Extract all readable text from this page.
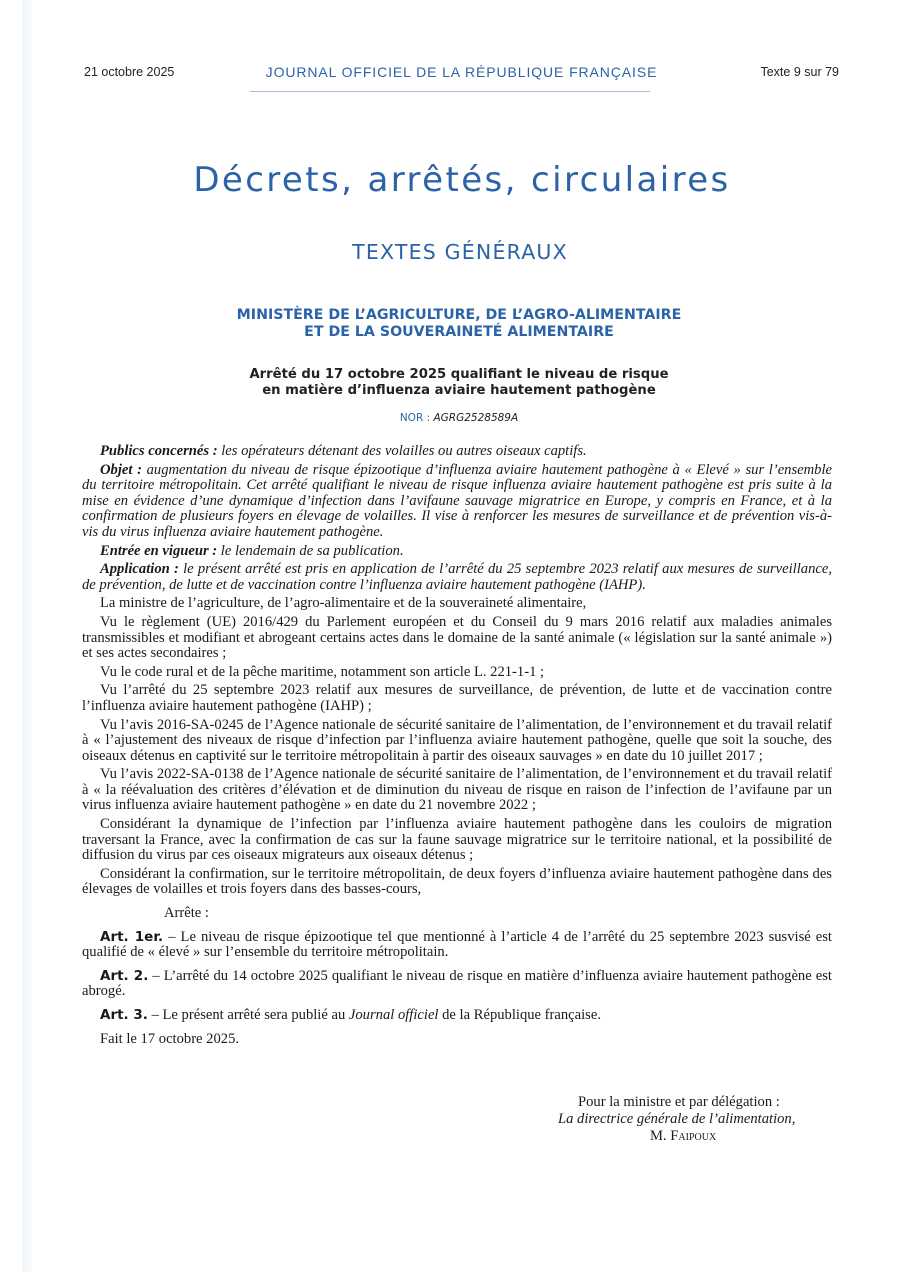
21 octobre 2025	JOURNAL OFFICIEL DE LA RÉPUBLIQUE FRANÇAISE	Texte 9 sur 79
Décrets, arrêtés, circulaires
TEXTES GÉNÉRAUX
MINISTÈRE DE L’AGRICULTURE, DE L’AGRO-ALIMENTAIRE
ET DE LA SOUVERAINETÉ ALIMENTAIRE
Arrêté du 17 octobre 2025 qualifiant le niveau de risque
en matière d’influenza aviaire hautement pathogène
NOR : AGRG2528589A

Publics concernés : les opérateurs détenant des volailles ou autres oiseaux captifs.

Objet : augmentation du niveau de risque épizootique d’influenza aviaire hautement pathogène à « Elevé » sur l’ensemble du territoire métropolitain. Cet arrêté qualifiant le niveau de risque influenza aviaire hautement pathogène est pris suite à la mise en évidence d’une dynamique d’infection dans l’avifaune sauvage migratrice en Europe, y compris en France, et à la confirmation de plusieurs foyers en élevage de volailles. Il vise à renforcer les mesures de surveillance et de prévention vis-à-vis du virus influenza aviaire hautement pathogène.

Entrée en vigueur : le lendemain de sa publication.

Application : le présent arrêté est pris en application de l’arrêté du 25 septembre 2023 relatif aux mesures de surveillance, de prévention, de lutte et de vaccination contre l’influenza aviaire hautement pathogène (IAHP).

La ministre de l’agriculture, de l’agro-alimentaire et de la souveraineté alimentaire,

Vu le règlement (UE) 2016/429 du Parlement européen et du Conseil du 9 mars 2016 relatif aux maladies animales transmissibles et modifiant et abrogeant certains actes dans le domaine de la santé animale (« législation sur la santé animale ») et ses actes secondaires ;

Vu le code rural et de la pêche maritime, notamment son article L. 221-1-1 ;

Vu l’arrêté du 25 septembre 2023 relatif aux mesures de surveillance, de prévention, de lutte et de vaccination contre l’influenza aviaire hautement pathogène (IAHP) ;

Vu l’avis 2016-SA-0245 de l’Agence nationale de sécurité sanitaire de l’alimentation, de l’environnement et du travail relatif à « l’ajustement des niveaux de risque d’infection par l’influenza aviaire hautement pathogène, quelle que soit la souche, des oiseaux détenus en captivité sur le territoire métropolitain à partir des oiseaux sauvages » en date du 10 juillet 2017 ;

Vu l’avis 2022-SA-0138 de l’Agence nationale de sécurité sanitaire de l’alimentation, de l’environnement et du travail relatif à « la réévaluation des critères d’élévation et de diminution du niveau de risque en raison de l’infection de l’avifaune par un virus influenza aviaire hautement pathogène » en date du 21 novembre 2022 ;

Considérant la dynamique de l’infection par l’influenza aviaire hautement pathogène dans les couloirs de migration traversant la France, avec la confirmation de cas sur la faune sauvage migratrice sur le territoire national, et la possibilité de diffusion du virus par ces oiseaux migrateurs aux oiseaux détenus ;

Considérant la confirmation, sur le territoire métropolitain, de deux foyers d’influenza aviaire hautement pathogène dans des élevages de volailles et trois foyers dans des basses-cours,

Arrête :

Art. 1er. – Le niveau de risque épizootique tel que mentionné à l’article 4 de l’arrêté du 25 septembre 2023 susvisé est qualifié de « élevé » sur l’ensemble du territoire métropolitain.

Art. 2. – L’arrêté du 14 octobre 2025 qualifiant le niveau de risque en matière d’influenza aviaire hautement pathogène est abrogé.

Art. 3. – Le présent arrêté sera publié au Journal officiel de la République française.

Fait le 17 octobre 2025.

Pour la ministre et par délégation :
La directrice générale de l’alimentation,
M. Faipoux
